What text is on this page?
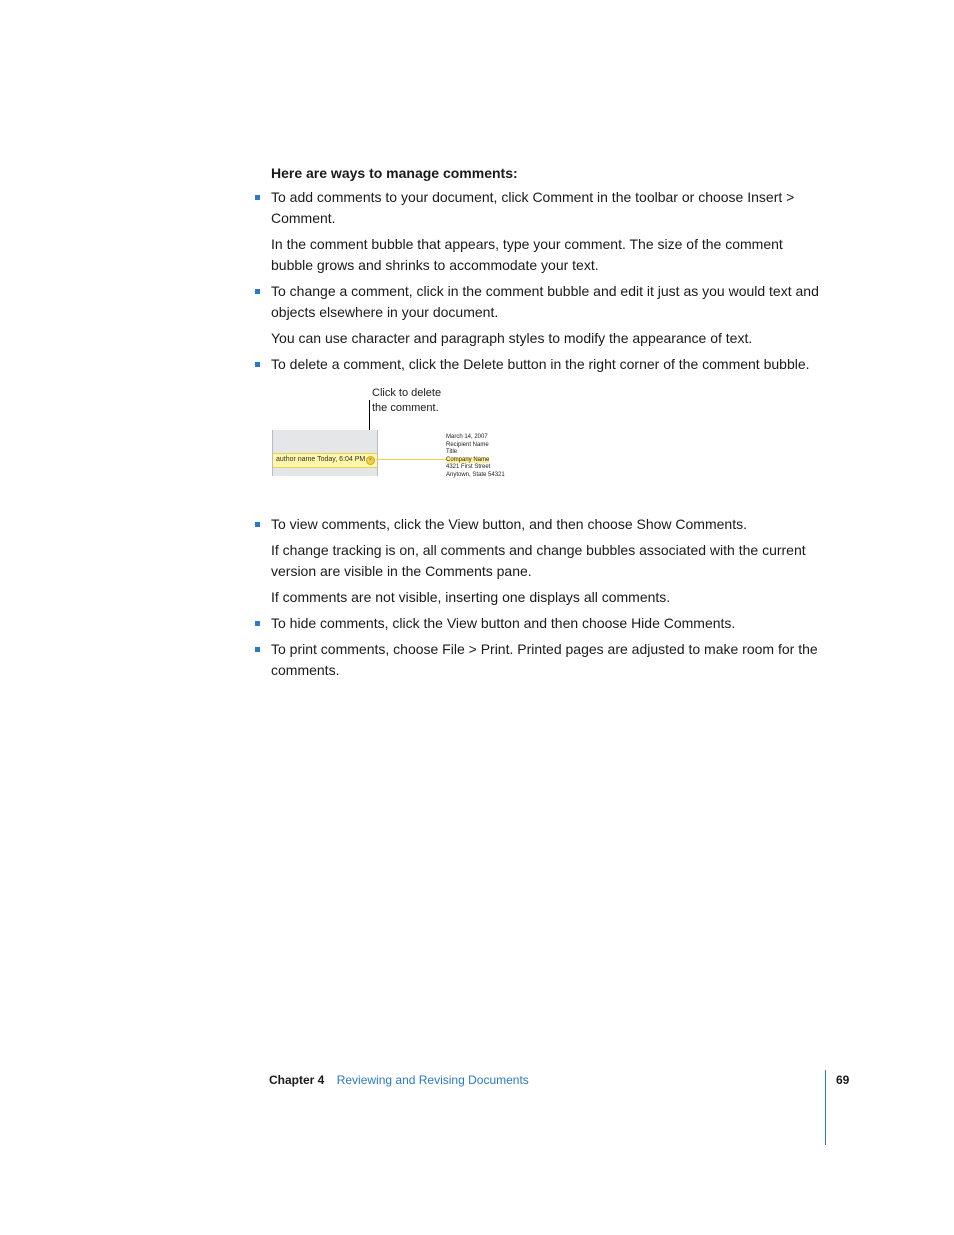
Here are ways to manage comments:

To add comments to your document, click Comment in the toolbar or choose Insert > Comment.

In the comment bubble that appears, type your comment. The size of the comment bubble grows and shrinks to accommodate your text.

To change a comment, click in the comment bubble and edit it just as you would text and objects elsewhere in your document.

You can use character and paragraph styles to modify the appearance of text.

To delete a comment, click the Delete button in the right corner of the comment bubble.
Click to delete
the comment.
author name Today, 6:04 PM ×
March 14, 2007
Recipient Name
Title
Company Name
4321 First Street
Anytown, State 54321
To view comments, click the View button, and then choose Show Comments.

If change tracking is on, all comments and change bubbles associated with the current version are visible in the Comments pane.

If comments are not visible, inserting one displays all comments.

To hide comments, click the View button and then choose Hide Comments.
To print comments, choose File > Print. Printed pages are adjusted to make room for the comments.
Chapter 4 Reviewing and Revising Documents	69
